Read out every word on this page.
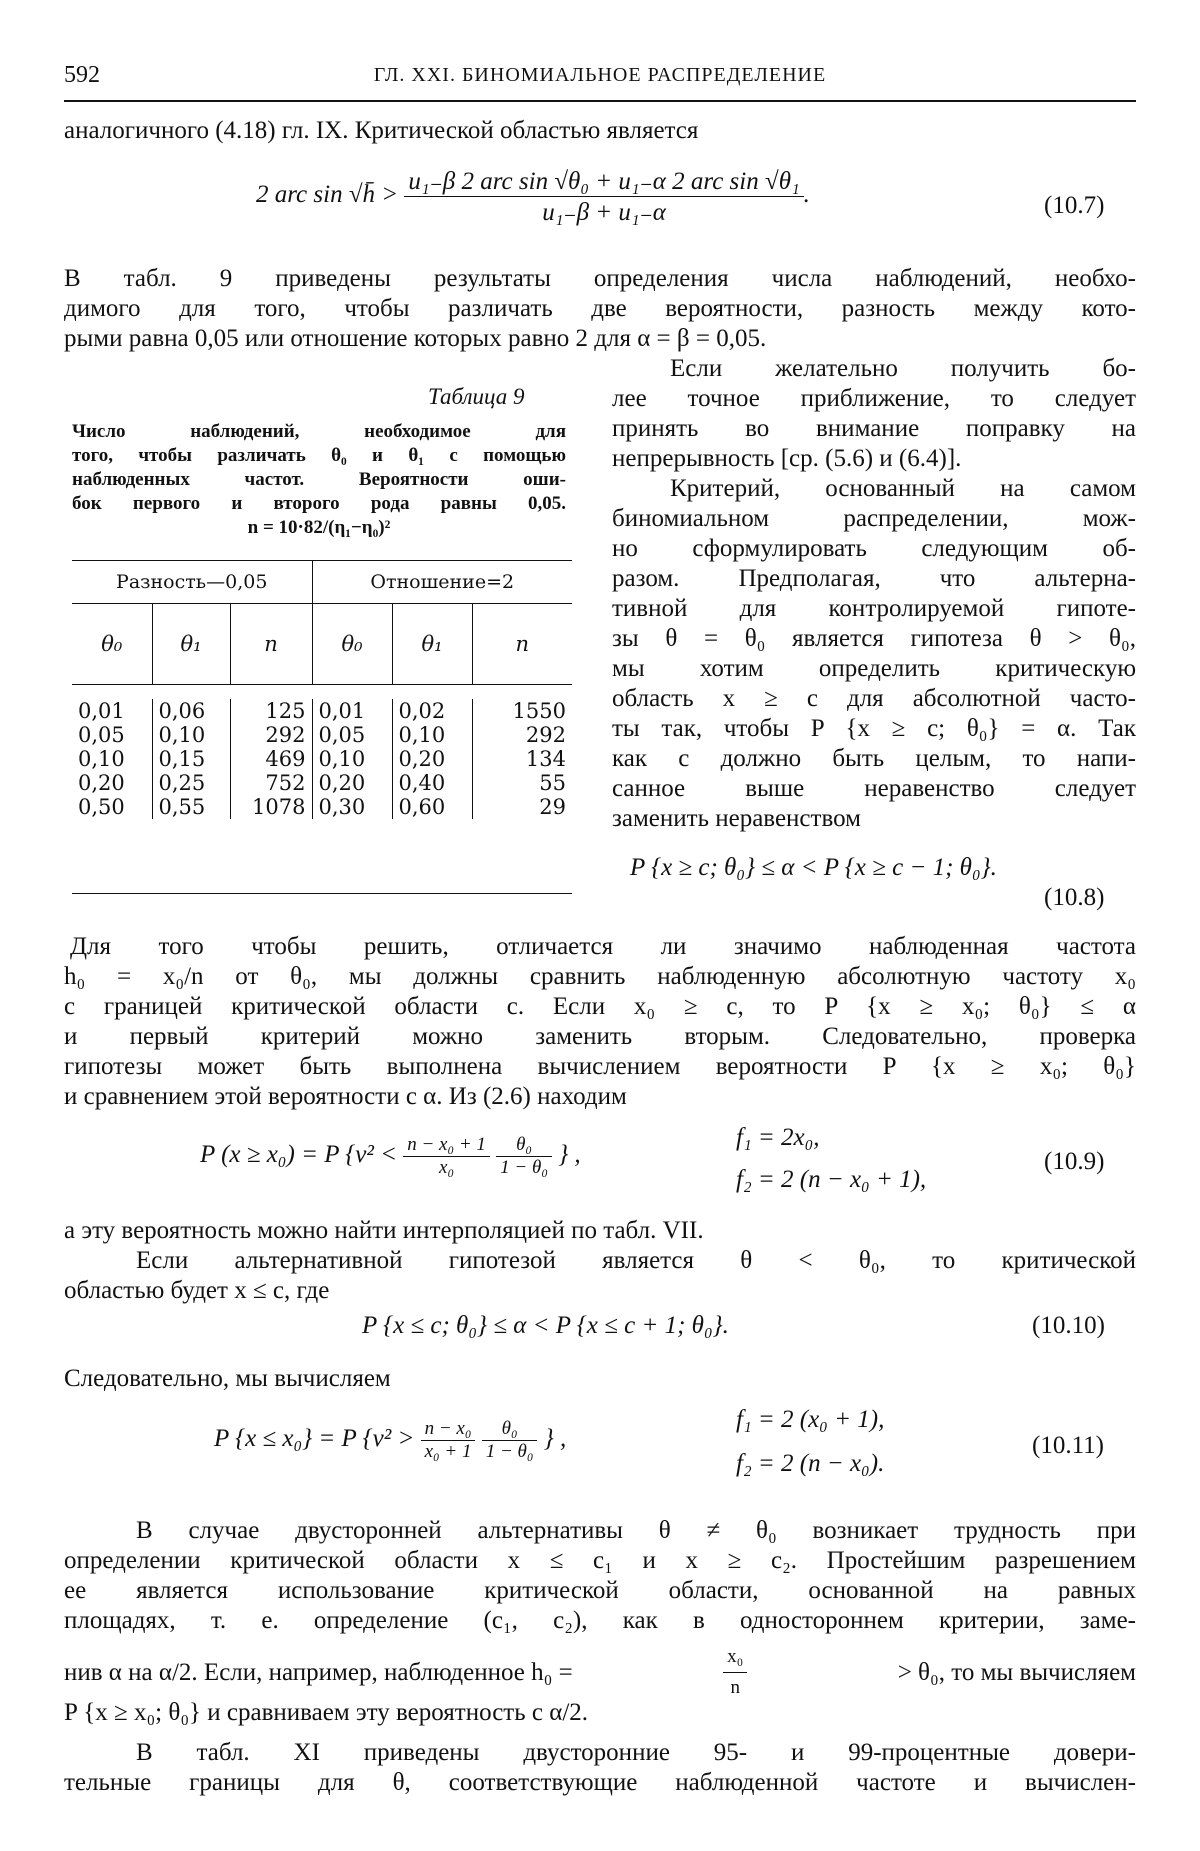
592	ГЛ. XXI. БИНОМИАЛЬНОЕ РАСПРЕДЕЛЕНИЕ
аналогичного (4.18) гл. IX. Критической областью является
2 arc sin √h̄ > $\frac{\text{u₁₋β 2 arc sin √θ₀ + u₁₋α 2 arc sin √θ₁}}{\text{u₁₋β + u₁₋α}}$ .	(10.7)
В табл. 9 приведены результаты определения числа наблюдений, необхо-
димого для того, чтобы различать две вероятности, разность между кото-
рыми равна 0,05 или отношение которых равно 2 для α = β = 0,05.
Таблица 9
Число наблюдений, необходимое для
того, чтобы различать θ₀ и θ₁ с помощью
наблюденных частот. Вероятности оши-
бок первого и второго рода равны 0,05.
n = 10·82/(η₁−η₀)²
Разность—0,05			Отношение=2		
θ₀	θ₁	n	θ₀	θ₁	n

0,01	0,06	125	0,01	0,02	1550
0,05	0,10	292	0,05	0,10	292
0,10	0,15	469	0,10	0,20	134
0,20	0,25	752	0,20	0,40	55
0,50	0,55	1078	0,30	0,60	29

Если желательно получить бо-
лее точное приближение, то следует
принять во внимание поправку на
непрерывность [ср. (5.6) и (6.4)].
Критерий, основанный на самом
биномиальном распределении, мож-
но сформулировать следующим об-
разом. Предполагая, что альтерна-
тивной для контролируемой гипоте-
зы θ = θ₀ является гипотеза θ > θ₀,
мы хотим определить критическую
область x ≥ c для абсолютной часто-
ты так, чтобы P {x ≥ c; θ₀} = α. Так
как c должно быть целым, то напи-
санное выше неравенство следует
заменить неравенством
P {x ≥ c; θ₀} ≤ α < P {x ≥ c − 1; θ₀}.
(10.8)
Для того чтобы решить, отличается ли значимо наблюденная частота
h₀ = x₀/n от θ₀, мы должны сравнить наблюденную абсолютную частоту x₀
с границей критической области c. Если x₀ ≥ c, то P {x ≥ x₀; θ₀} ≤ α
и первый критерий можно заменить вторым. Следовательно, проверка
гипотезы может быть выполнена вычислением вероятности P {x ≥ x₀; θ₀}
и сравнением этой вероятности с α. Из (2.6) находим
P (x ≥ x₀) = P {$v^2 < \frac{\text{n − x₀ + 1}}{\text{x₀}}$
$\frac{\text{θ₀}}{\text{1 − θ₀}}$ } ,
f₁ = 2x₀,
f₂ = 2 (n − x₀ + 1),
(10.9)
а эту вероятность можно найти интерполяцией по табл. VII.
Если альтернативной гипотезой является θ < θ₀, то критической
областью будет x ≤ c, где
P {x ≤ c; θ₀} ≤ α < P {x ≤ c + 1; θ₀}.	(10.10)
Следовательно, мы вычисляем
P {x ≤ x₀} = P {$v^2 > \frac{\text{n − x₀}}{\text{x₀ + 1}}$
$\frac{\text{θ₀}}{\text{1 − θ₀}}$ } ,
f₁ = 2 (x₀ + 1),
f₂ = 2 (n − x₀).
(10.11)
В случае двусторонней альтернативы θ ≠ θ₀ возникает трудность при
определении критической области x ≤ c₁ и x ≥ c₂. Простейшим разрешением
ее является использование критической области, основанной на равных
площадях, т. е. определение (c₁, c₂), как в одностороннем критерии, заме-
нив α на α/2. Если, например, наблюденное h₀ =	$\frac{\text{x₀}}{n}$	> θ₀, то мы вычисляем
P {x ≥ x₀; θ₀} и сравниваем эту вероятность с α/2.
В табл. XI приведены двусторонние 95- и 99-процентные довери-
тельные границы для θ, соответствующие наблюденной частоте и вычислен-
